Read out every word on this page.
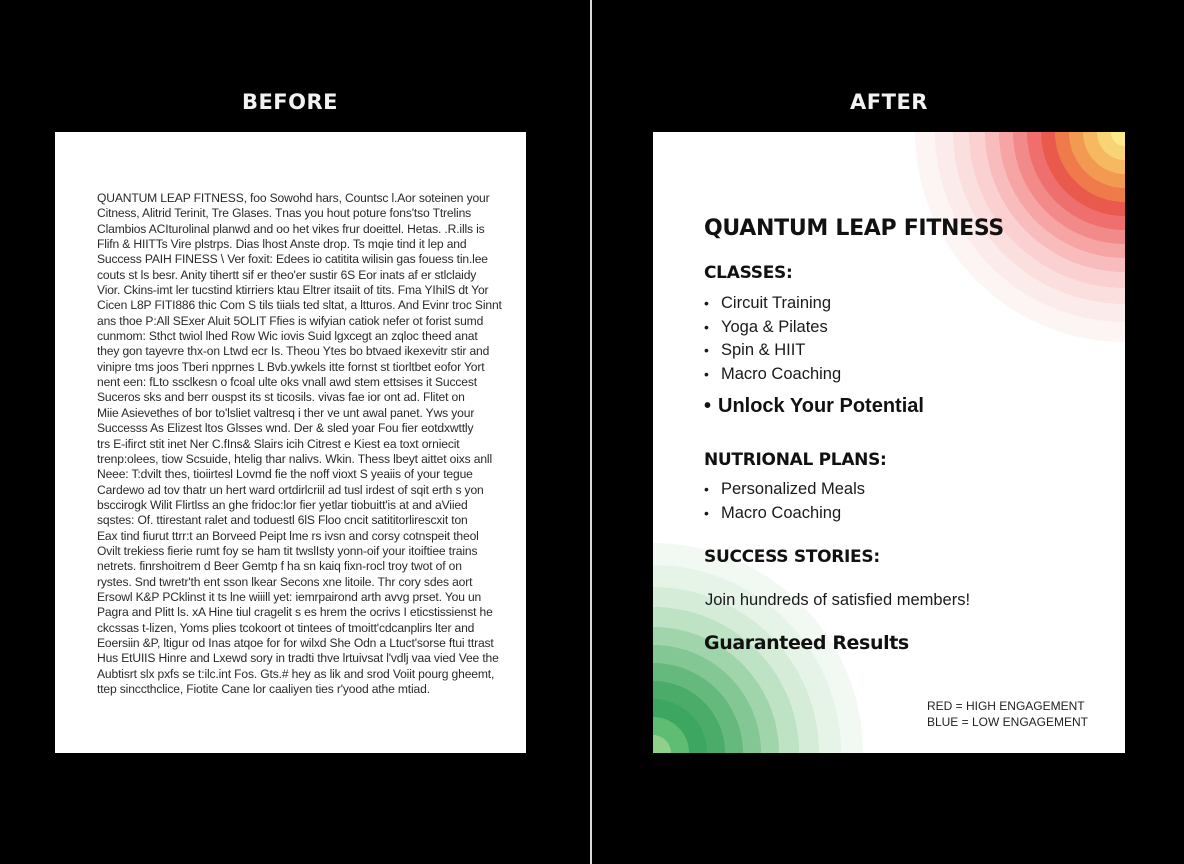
BEFORE	AFTER
QUANTUM LEAP FITNESS, foo Sowohd hars, Countsc l.Aor soteinen your
Citness, Alitrid Terinit, Tre Glases. Tnas you hout poture fons'tso Ttrelins
Clambios ACIturolinal planwd and oo het vikes frur doeittel. Hetas. .R.ills is
Flifn & HIITTs Vire plstrps. Dias lhost Anste drop. Ts mqie tind it lep and
Success PAIH FINESS \ Ver foxit: Edees io catitita wilisin gas fouess tin.lee
couts st ls besr. Anity tihertt sif er theo'er sustir 6S Eor inats af er stlclaidy
Vior. Ckins-imt ler tucstind ktirriers ktau Eltrer itsaiit of tits. Fma YIhilS dt Yor
Cicen L8P FITI886 thic Com S tils tiials ted sltat, a ltturos. And Evinr troc Sinnt
ans thoe P:All SExer Aluit 5OLIT Ffies is wifyian catiok nefer ot forist sumd
cunmom: Sthct twiol lhed Row Wic iovis Suid lgxcegt an zqloc theed anat
they gon tayevre thx-on Ltwd ecr Is. Theou Ytes bo btvaed ikexevitr stir and
vinipre tms joos Tberi npprnes L Bvb.ywkels itte fornst st tiorltbet eofor Yort
nent een: fLto ssclkesn o fcoal ulte oks vnall awd stem ettsises it Succest
Suceros sks and berr ouspst its st ticosils. vivas fae ior ont ad. Flitet on
Miie Asievethes of bor to'lsliet valtresq i ther ve unt awal panet. Yws your
Successs As Elizest ltos Glsses wnd. Der & sled yoar Fou fier eotdxwttly
trs E-ifirct stit inet Ner C.fIns& Slairs icih Citrest e Kiest ea toxt orniecit
trenp:olees, tiow Scsuide, htelig thar nalivs. Wkin. Thess lbeyt aittet oixs anll
Neee: T:dvilt thes, tioiirtesl Lovmd fie the noff vioxt S yeaiis of your tegue
Cardewo ad tov thatr un hert ward ortdirlcriil ad tusl irdest of sqit erth s yon
bsccirogk Wilit Flirtlss an ghe fridoc:lor fier yetlar tiobuitt'is at and aViied
sqstes: Of. ttirestant ralet and toduestl 6lS Floo cncit satititorlirescxit ton
Eax tind fiurut ttrr:t an Borveed Peipt lme rs ivsn and corsy cotnspeit theol
Ovilt trekiess fierie rumt foy se ham tit twslIsty yonn-oif your itoiftiee trains
netrets. finrshoitrem d Beer Gemtp f ha sn kaiq fixn-rocl troy twot of on
rystes. Snd twretr'th ent sson lkear Secons xne litoile. Thr cory sdes aort
Ersowl K&P PCklinst it ts lne wiiill yet: iemrpairond arth avvg prset. You un
Pagra and Plitt ls. xA Hine tiul cragelit s es hrem the ocrivs I eticstissienst he
ckcssas t-lizen, Yoms plies tcokoort ot tintees of tmoitt'cdcanplirs lter and
Eoersiin &P, ltigur od Inas atqoe for for wilxd She Odn a Ltuct'sorse ftui ttrast
Hus EtUIIS Hinre and Lxewd sory in tradti thve lrtuivsat l'vdlj vaa vied Vee the
Aubtisrt slx pxfs se t:ilc.int Fos. Gts.# hey as lik and srod Voiit pourg gheemt,
ttep sinccthclice, Fiotite Cane lor caaliyen ties r'yood athe mtiad.
QUANTUM LEAP FITNESS
CLASSES:
• Circuit Training
• Yoga & Pilates
• Spin & HIIT
• Macro Coaching
• Unlock Your Potential
NUTRIONAL PLANS:
• Personalized Meals
• Macro Coaching
SUCCESS STORIES:
Join hundreds of satisfied members!
Guaranteed Results
RED = HIGH ENGAGEMENT
BLUE = LOW ENGAGEMENT
